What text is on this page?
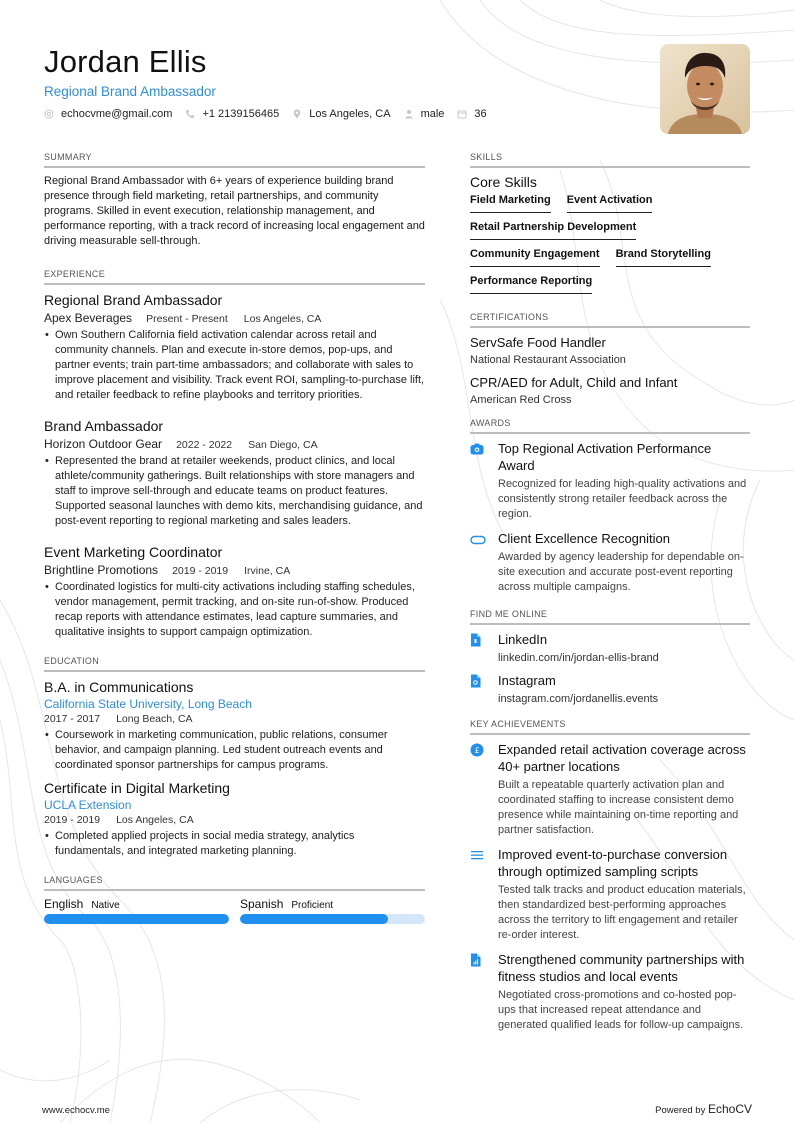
Jordan Ellis
Regional Brand Ambassador
echocvme@gmail.com	+1 2139156465	Los Angeles, CA	male	36
SUMMARY
Regional Brand Ambassador with 6+ years of experience building brand presence through field marketing, retail partnerships, and community programs. Skilled in event execution, relationship management, and performance reporting, with a track record of increasing local engagement and driving measurable sell-through.
EXPERIENCE
Regional Brand Ambassador
Apex Beverages Present - Present Los Angeles, CA
• Own Southern California field activation calendar across retail and community channels. Plan and execute in-store demos, pop-ups, and partner events; train part-time ambassadors; and collaborate with sales to improve placement and visibility. Track event ROI, sampling-to-purchase lift, and retailer feedback to refine playbooks and territory priorities.
Brand Ambassador
Horizon Outdoor Gear 2022 - 2022 San Diego, CA
• Represented the brand at retailer weekends, product clinics, and local athlete/community gatherings. Built relationships with store managers and staff to improve sell-through and educate teams on product features. Supported seasonal launches with demo kits, merchandising guidance, and post-event reporting to regional marketing and sales leaders.
Event Marketing Coordinator
Brightline Promotions 2019 - 2019 Irvine, CA
• Coordinated logistics for multi-city activations including staffing schedules, vendor management, permit tracking, and on-site run-of-show. Produced recap reports with attendance estimates, lead capture summaries, and qualitative insights to support campaign optimization.
EDUCATION
B.A. in Communications
California State University, Long Beach
2017 - 2017 Long Beach, CA
• Coursework in marketing communication, public relations, consumer behavior, and campaign planning. Led student outreach events and coordinated sponsor partnerships for campus programs.
Certificate in Digital Marketing
UCLA Extension
2019 - 2019 Los Angeles, CA
• Completed applied projects in social media strategy, analytics fundamentals, and integrated marketing planning.
LANGUAGES
English Native	Spanish Proficient
SKILLS
Core Skills
Field Marketing Event Activation
Retail Partnership Development
Community Engagement Brand Storytelling
Performance Reporting
CERTIFICATIONS
ServSafe Food Handler
National Restaurant Association
CPR/AED for Adult, Child and Infant
American Red Cross
AWARDS
Top Regional Activation Performance Award
Recognized for leading high-quality activations and consistently strong retailer feedback across the region.
Client Excellence Recognition
Awarded by agency leadership for dependable on-site execution and accurate post-event reporting across multiple campaigns.
FIND ME ONLINE
LinkedIn
linkedin.com/in/jordan-ellis-brand
Instagram
instagram.com/jordanellis.events
KEY ACHIEVEMENTS
£ Expanded retail activation coverage across 40+ partner locations
Built a repeatable quarterly activation plan and coordinated staffing to increase consistent demo presence while maintaining on-time reporting and partner satisfaction.
Improved event-to-purchase conversion through optimized sampling scripts
Tested talk tracks and product education materials, then standardized best-performing approaches across the territory to lift engagement and retailer re-order interest.
Strengthened community partnerships with fitness studios and local events
Negotiated cross-promotions and co-hosted pop-ups that increased repeat attendance and generated qualified leads for follow-up campaigns.
www.echocv.me	Powered by EchoCV
